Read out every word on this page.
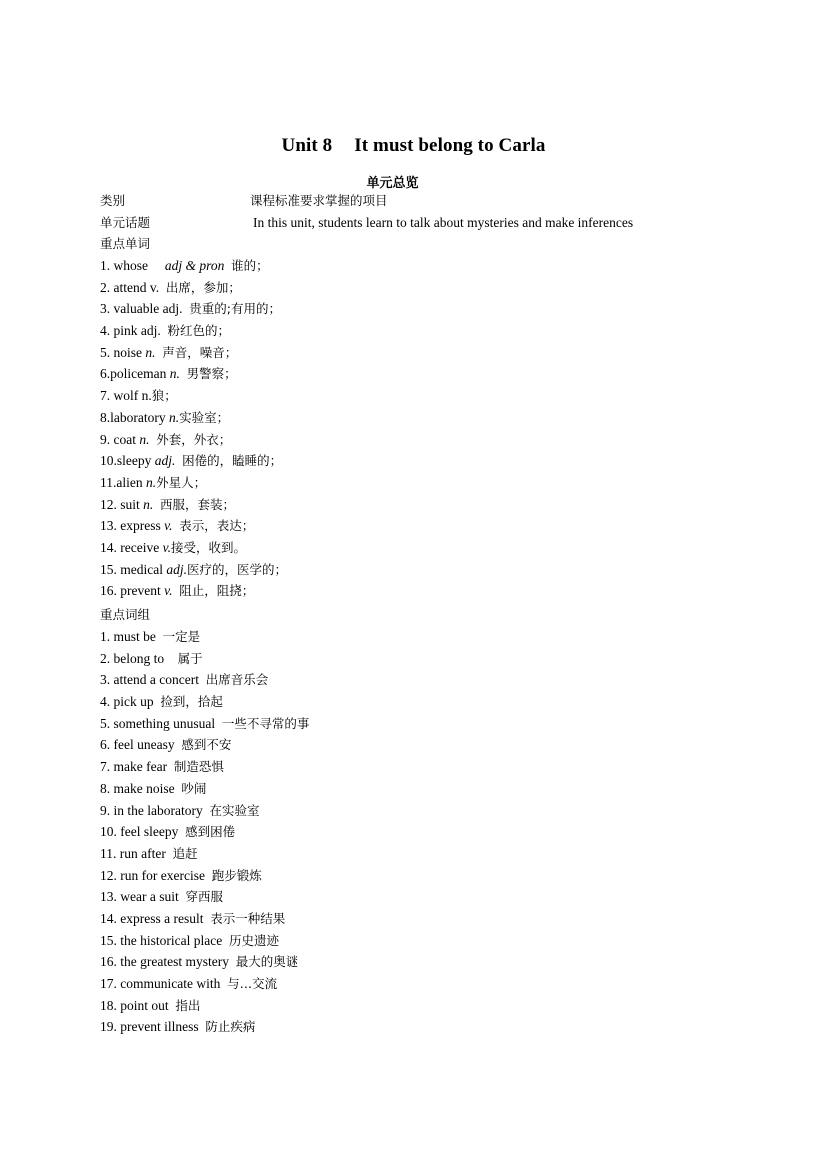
Unit 8 It must belong to Carla
单元总览
类别	课程标准要求掌握的项目
单元话题	In this unit, students learn to talk about mysteries and make inferences
重点单词
1. whose adj & pron 谁的；
2. attend v. 出席，参加；
3. valuable adj. 贵重的;有用的；
4. pink adj. 粉红色的；
5. noise n. 声音，噪音；
6.policeman n. 男警察；
7. wolf n.狼；
8.laboratory n.实验室；
9. coat n. 外套，外衣；
10.sleepy adj. 困倦的，瞌睡的；
11.alien n.外星人；
12. suit n. 西服，套装；
13. express v. 表示，表达；
14. receive v.接受，收到。
15. medical adj.医疗的，医学的；
16. prevent v. 阻止，阻挠；
重点词组
1. must be 一定是
2. belong to 属于
3. attend a concert 出席音乐会
4. pick up 捡到，拾起
5. something unusual 一些不寻常的事
6. feel uneasy 感到不安
7. make fear 制造恐惧
8. make noise 吵闹
9. in the laboratory 在实验室
10. feel sleepy 感到困倦
11. run after 追赶
12. run for exercise 跑步锻炼
13. wear a suit 穿西服
14. express a result 表示一种结果
15. the historical place 历史遗迹
16. the greatest mystery 最大的奥谜
17. communicate with 与…交流
18. point out 指出
19. prevent illness 防止疾病
